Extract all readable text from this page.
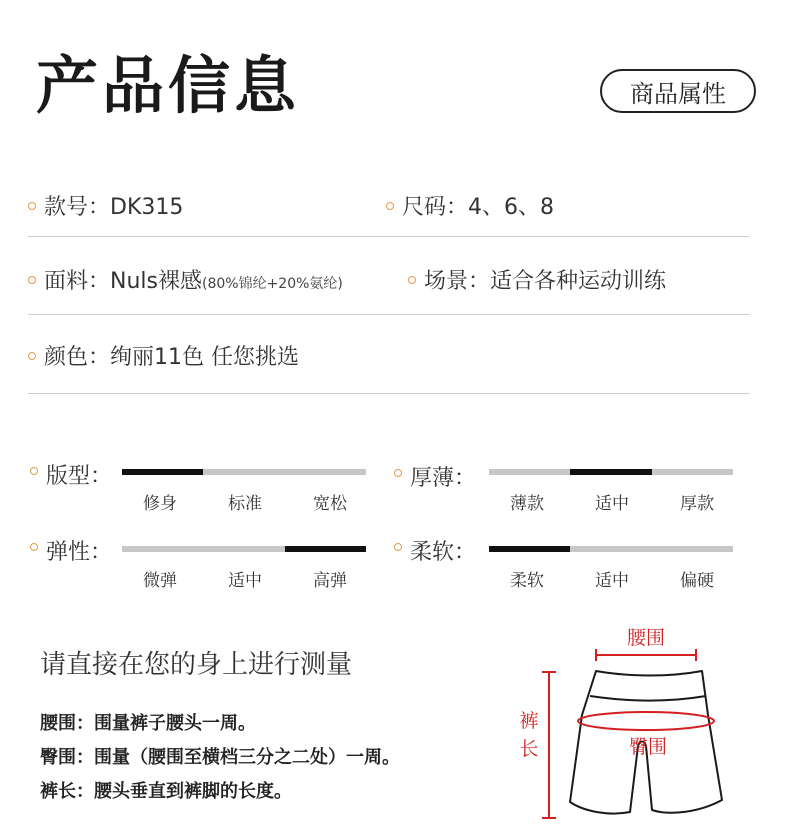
产品信息	商品属性
款号：DK315	尺码：4、6、8
面料：Nuls裸感 (80%锦纶+20%氨纶)	场景：适合各种运动训练
颜色：绚丽11色 任您挑选
版型：
修身	标准	宽松
厚薄：
薄款	适中	厚款
弹性：
微弹	适中	高弹
柔软：
柔软	适中	偏硬
请直接在您的身上进行测量
腰围：围量裤子腰头一周。
臀围：围量（腰围至横档三分之二处）一周。
裤长：腰头垂直到裤脚的长度。
腰围
裤
长	臀围
